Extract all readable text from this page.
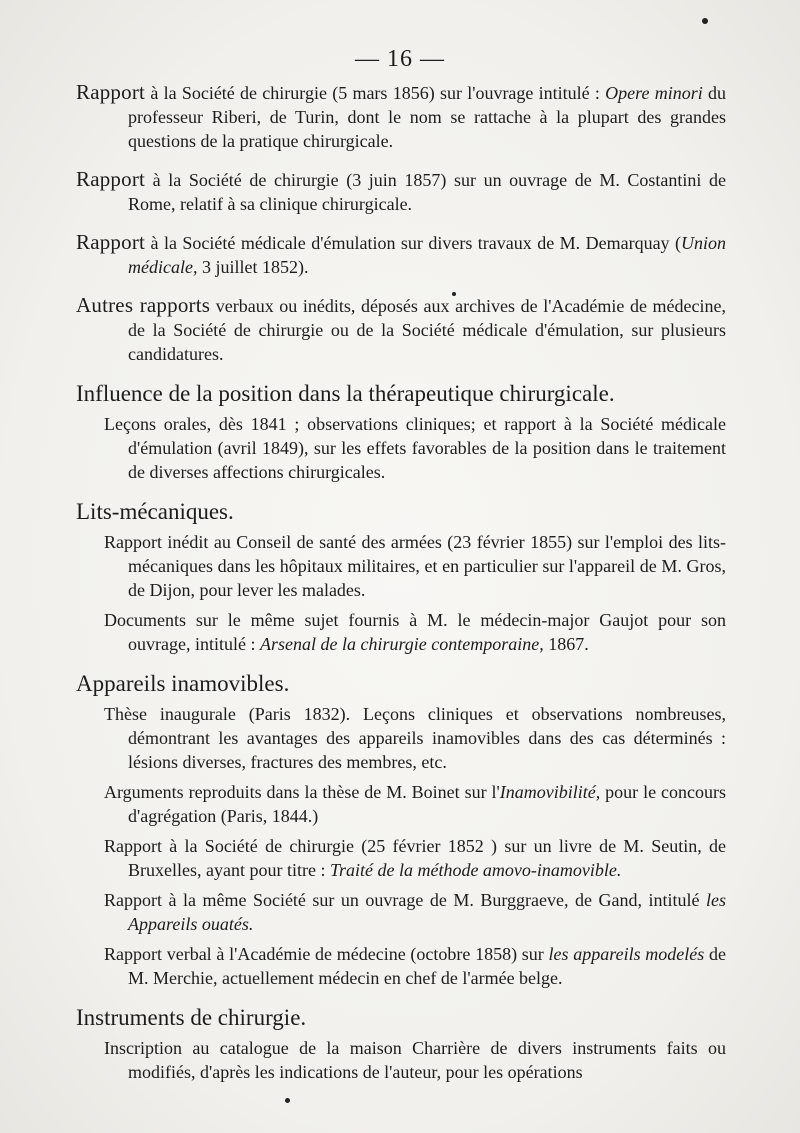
— 16 —

Rapport à la Société de chirurgie (5 mars 1856) sur l'ouvrage intitulé : Opere minori du professeur Riberi, de Turin, dont le nom se rattache à la plupart des grandes questions de la pratique chirurgicale.

Rapport à la Société de chirurgie (3 juin 1857) sur un ouvrage de M. Costantini de Rome, relatif à sa clinique chirurgicale.

Rapport à la Société médicale d'émulation sur divers travaux de M. Demarquay (Union médicale, 3 juillet 1852).

Autres rapports verbaux ou inédits, déposés aux archives de l'Académie de médecine, de la Société de chirurgie ou de la Société médicale d'émulation, sur plusieurs candidatures.

Influence de la position dans la thérapeutique chirurgicale.

Leçons orales, dès 1841 ; observations cliniques; et rapport à la Société médicale d'émulation (avril 1849), sur les effets favorables de la position dans le traitement de diverses affections chirurgicales.

Lits-mécaniques.

Rapport inédit au Conseil de santé des armées (23 février 1855) sur l'emploi des lits-mécaniques dans les hôpitaux militaires, et en particulier sur l'appareil de M. Gros, de Dijon, pour lever les malades.

Documents sur le même sujet fournis à M. le médecin-major Gaujot pour son ouvrage, intitulé : Arsenal de la chirurgie contemporaine, 1867.

Appareils inamovibles.

Thèse inaugurale (Paris 1832). Leçons cliniques et observations nombreuses, démontrant les avantages des appareils inamovibles dans des cas déterminés : lésions diverses, fractures des membres, etc.

Arguments reproduits dans la thèse de M. Boinet sur l'Inamovibilité, pour le concours d'agrégation (Paris, 1844.)

Rapport à la Société de chirurgie (25 février 1852 ) sur un livre de M. Seutin, de Bruxelles, ayant pour titre : Traité de la méthode amovo-inamovible.

Rapport à la même Société sur un ouvrage de M. Burggraeve, de Gand, intitulé les Appareils ouatés.

Rapport verbal à l'Académie de médecine (octobre 1858) sur les appareils modelés de M. Merchie, actuellement médecin en chef de l'armée belge.

Instruments de chirurgie.

Inscription au catalogue de la maison Charrière de divers instruments faits ou modifiés, d'après les indications de l'auteur, pour les opérations
